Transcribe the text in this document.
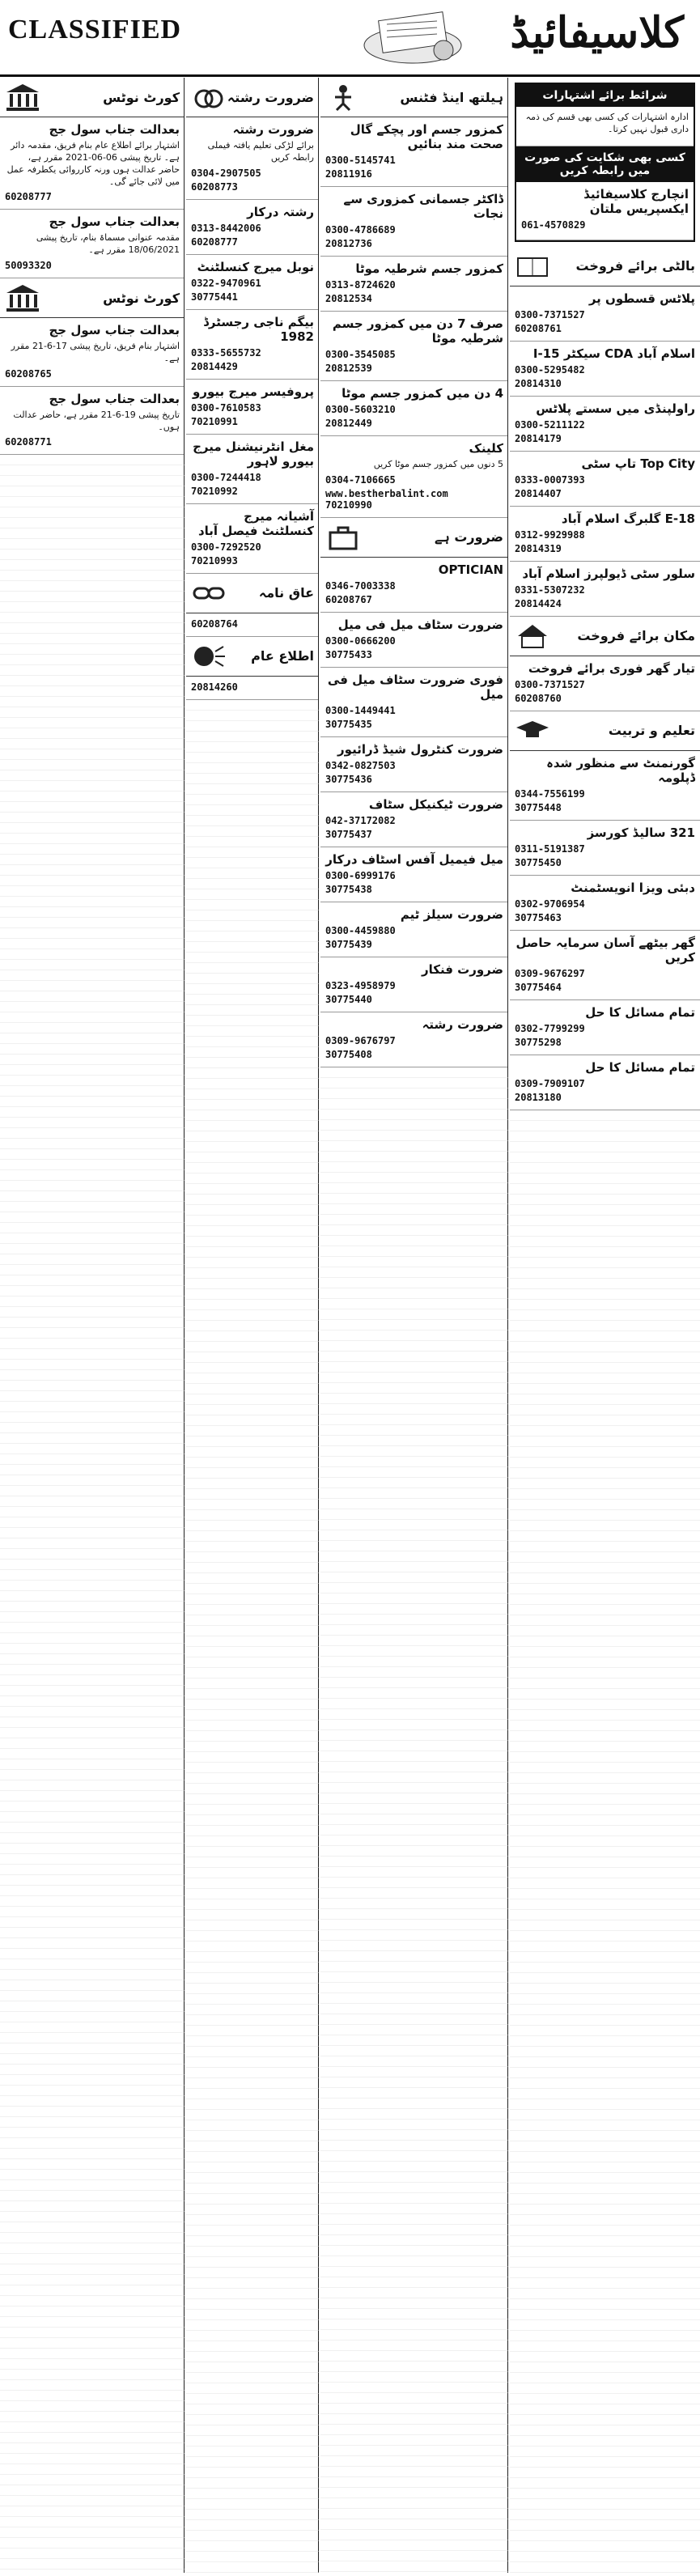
CLASSIFIED	کلاسیفائیڈ
کورٹ نوٹس
بعدالت جناب سول جج

اشتہار برائے اطلاع عام بنام فریق، مقدمہ دائر ہے۔ تاریخ پیشی 06-06-2021 مقرر ہے، حاضر عدالت ہوں ورنہ کارروائی یکطرفہ عمل میں لائی جائے گی۔

60208777
بعدالت جناب سول جج

مقدمہ عنوانی مسماۃ بنام، تاریخ پیشی 18/06/2021 مقرر ہے۔

50093320
کورٹ نوٹس
بعدالت جناب سول جج

اشتہار بنام فریق، تاریخ پیشی 17-6-21 مقرر ہے۔

60208765
بعدالت جناب سول جج

تاریخ پیشی 19-6-21 مقرر ہے، حاضر عدالت ہوں۔

60208771
ضرورت رشتہ
ضرورت رشتہ

برائے لڑکی تعلیم یافتہ فیملی رابطہ کریں

0304-2907505
60208773
رشتہ درکار
0313-8442006
60208777
نوبل میرج کنسلٹنٹ
0322-9470961
30775441
بیگم ناجی رجسٹرڈ 1982
0333-5655732
20814429
پروفیسر میرج بیورو
0300-7610583
70210991
مغل انٹرنیشنل میرج بیورو لاہور
0300-7244418
70210992
آشیانہ میرج کنسلٹنٹ فیصل آباد
0300-7292520
70210993
عاق نامہ
60208764
اطلاع عام
20814260
ہیلتھ اینڈ فٹنس
کمزور جسم اور پچکے گال صحت مند بنائیں
0300-5145741
20811916
ڈاکٹر جسمانی کمزوری سے نجات
0300-4786689
20812736
کمزور جسم شرطیہ موٹا
0313-8724620
20812534
صرف 7 دن میں کمزور جسم شرطیہ موٹا
0300-3545085
20812539
4 دن میں کمزور جسم موٹا
0300-5603210
20812449
کلینک

5 دنوں میں کمزور جسم موٹا کریں

0304-7106665
www.bestherbalint.com
70210990
ضرورت ہے
OPTICIAN
0346-7003338
60208767
ضرورت سٹاف میل فی میل
0300-0666200
30775433
فوری ضرورت سٹاف میل فی میل
0300-1449441
30775435
ضرورت کنٹرول شیڈ ڈرائیور
0342-0827503
30775436
ضرورت ٹیکنیکل سٹاف
042-37172082
30775437
میل فیمیل آفس اسٹاف درکار
0300-6999176
30775438
ضرورت سیلز ٹیم
0300-4459880
30775439
ضرورت فنکار
0323-4958979
30775440
ضرورت رشتہ
0309-9676797
30775408
شرائط برائے اشتہارات

ادارہ اشتہارات کی کسی بھی قسم کی ذمہ داری قبول نہیں کرتا۔

کسی بھی شکایت کی صورت میں رابطہ کریں
انچارج کلاسیفائیڈ ایکسپریس ملتان
061-4570829
بالٹی برائے فروخت
پلاٹس قسطوں پر
0300-7371527
60208761
اسلام آباد CDA سیکٹر I-15
0300-5295482
20814310
راولپنڈی میں سستے پلاٹس
0300-5211122
20814179
Top City تاپ سٹی
0333-0007393
20814407
E-18 گلبرگ اسلام آباد
0312-9929988
20814319
سلور سٹی ڈیولپرز اسلام آباد
0331-5307232
20814424
مکان برائے فروخت
تیار گھر فوری برائے فروخت
0300-7371527
60208760
تعلیم و تربیت
گورنمنٹ سے منظور شدہ ڈپلومہ
0344-7556199
30775448
321 ساليڈ کورسز
0311-5191387
30775450
دبئی ویزا انویسٹمنٹ
0302-9706954
30775463
گھر بیٹھے آسان سرمایہ حاصل کریں
0309-9676297
30775464
تمام مسائل کا حل
0302-7799299
30775298
تمام مسائل کا حل
0309-7909107
20813180
